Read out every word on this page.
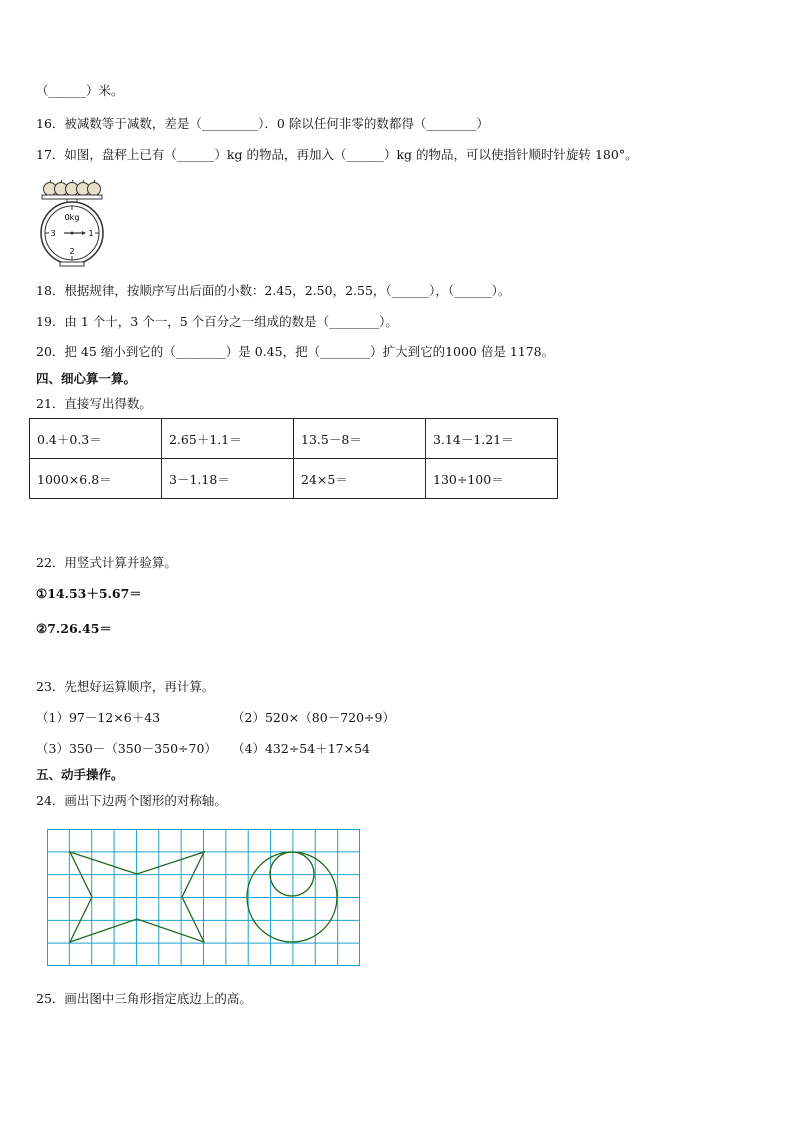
（______）米。
16．被减数等于减数，差是（_________）．0 除以任何非零的数都得（________）
17．如图，盘秤上已有（______）kg 的物品，再加入（______）kg 的物品，可以使指针顺时针旋转 180°。
0kg
3	1
2
18．根据规律，按顺序写出后面的小数：2.45，2.50，2.55，（______），（______）。
19．由 1 个十，3 个一，5 个百分之一组成的数是（________）。
20．把 45 缩小到它的（________）是 0.45，把（________）扩大到它的1000 倍是 1178。
四、细心算一算。
21．直接写出得数。
0.4＋0.3＝	2.65＋1.1＝	13.5－8＝	3.14－1.21＝
1000×6.8＝	3－1.18＝	24×5＝	130÷100＝
22．用竖式计算并验算。
①14.53＋5.67＝
②7.26.45＝
23．先想好运算顺序，再计算。
（1）97－12×6＋43	（2）520×（80－720÷9）
（3）350－（350－350÷70） （4）432÷54＋17×54
五、动手操作。
24．画出下边两个图形的对称轴。
25．画出图中三角形指定底边上的高。
